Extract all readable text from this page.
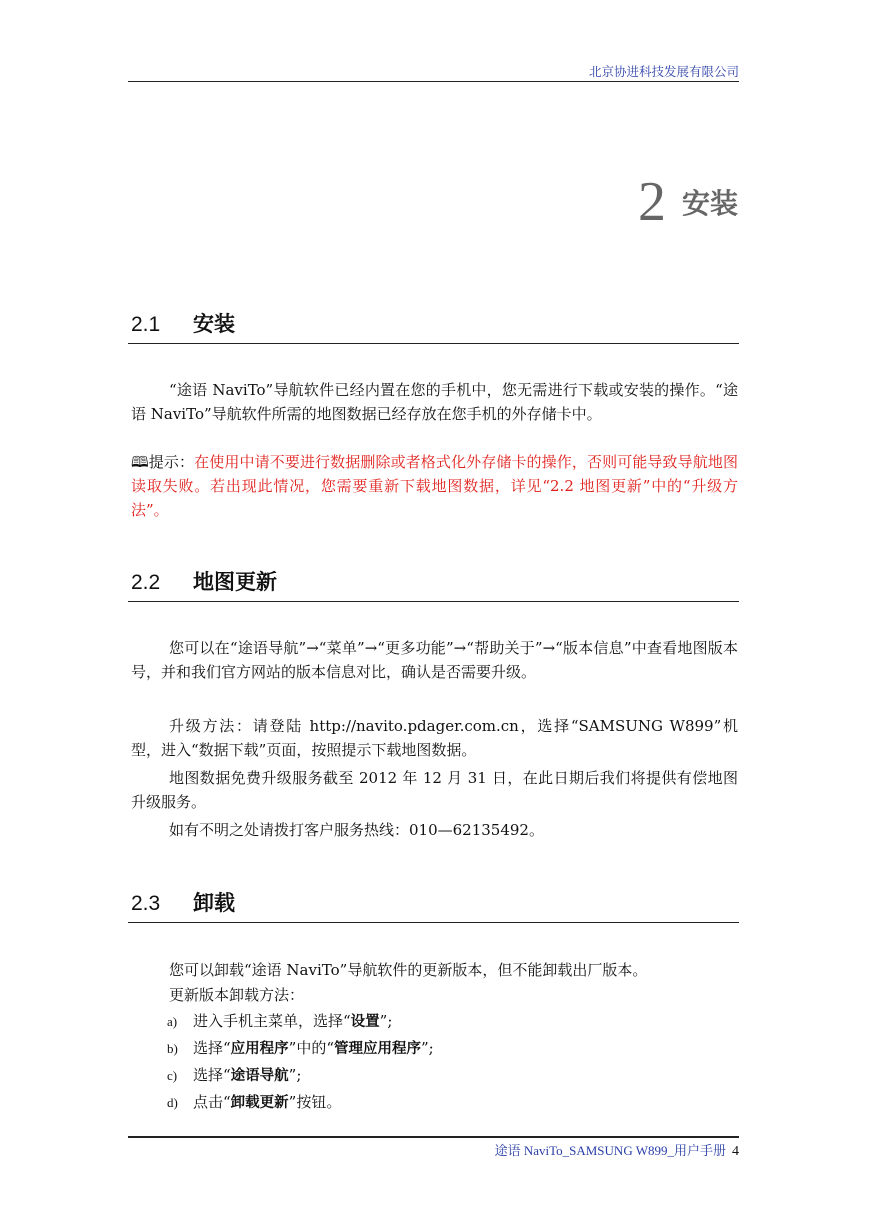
北京协进科技发展有限公司
2 安装
2.1 安装

“途语 NaviTo”导航软件已经内置在您的手机中，您无需进行下载或安装的操作。“途语 NaviTo”导航软件所需的地图数据已经存放在您手机的外存储卡中。

🕮提示：在使用中请不要进行数据删除或者格式化外存储卡的操作，否则可能导致导航地图读取失败。若出现此情况，您需要重新下载地图数据，详见“2.2 地图更新”中的“升级方法”。

2.2 地图更新

您可以在“途语导航”→“菜单”→“更多功能”→“帮助关于”→“版本信息”中查看地图版本号，并和我们官方网站的版本信息对比，确认是否需要升级。

升级方法：请登陆 http://navito.pdager.com.cn，选择“SAMSUNG W899”机型，进入“数据下载”页面，按照提示下载地图数据。

地图数据免费升级服务截至 2012 年 12 月 31 日，在此日期后我们将提供有偿地图升级服务。

如有不明之处请拨打客户服务热线：010—62135492。

2.3 卸载

您可以卸载“途语 NaviTo”导航软件的更新版本，但不能卸载出厂版本。

更新版本卸载方法：

a) 进入手机主菜单，选择“设置”;
b) 选择“应用程序”中的“管理应用程序”;
c) 选择“途语导航”;
d) 点击“卸载更新”按钮。
途语 NaviTo_SAMSUNG W899_用户手册 4
